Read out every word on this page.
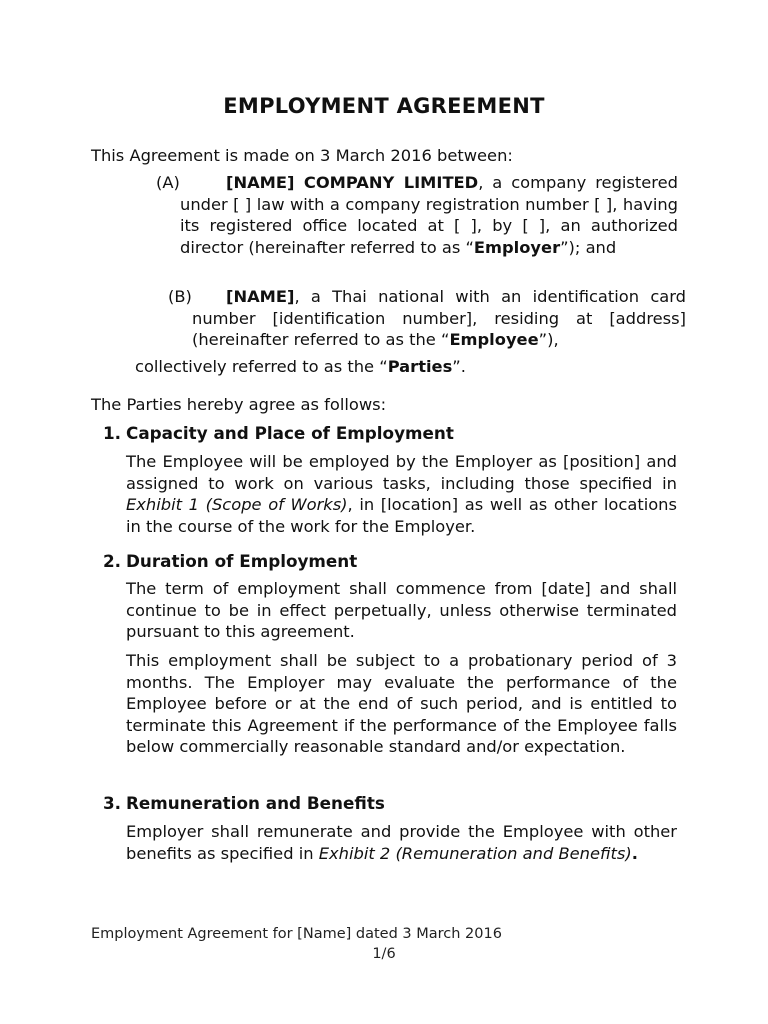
EMPLOYMENT AGREEMENT
This Agreement is made on 3 March 2016 between:
(A)	[NAME] COMPANY LIMITED, a company registered under [ ] law with a company registration number [ ], having its registered office located at [ ], by [ ], an authorized director (hereinafter referred to as “Employer”); and
(B)	[NAME], a Thai national with an identification card number [identification number], residing at [address] (hereinafter referred to as the “Employee”),
collectively referred to as the “Parties”.
The Parties hereby agree as follows:
1. Capacity and Place of Employment
The Employee will be employed by the Employer as [position] and assigned to work on various tasks, including those specified in Exhibit 1 (Scope of Works), in [location] as well as other locations in the course of the work for the Employer.
2. Duration of Employment
The term of employment shall commence from [date] and shall continue to be in effect perpetually, unless otherwise terminated pursuant to this agreement.
This employment shall be subject to a probationary period of 3 months. The Employer may evaluate the performance of the Employee before or at the end of such period, and is entitled to terminate this Agreement if the performance of the Employee falls below commercially reasonable standard and/or expectation.
3. Remuneration and Benefits
Employer shall remunerate and provide the Employee with other benefits as specified in Exhibit 2 (Remuneration and Benefits).
Employment Agreement for [Name] dated 3 March 2016
1/6
